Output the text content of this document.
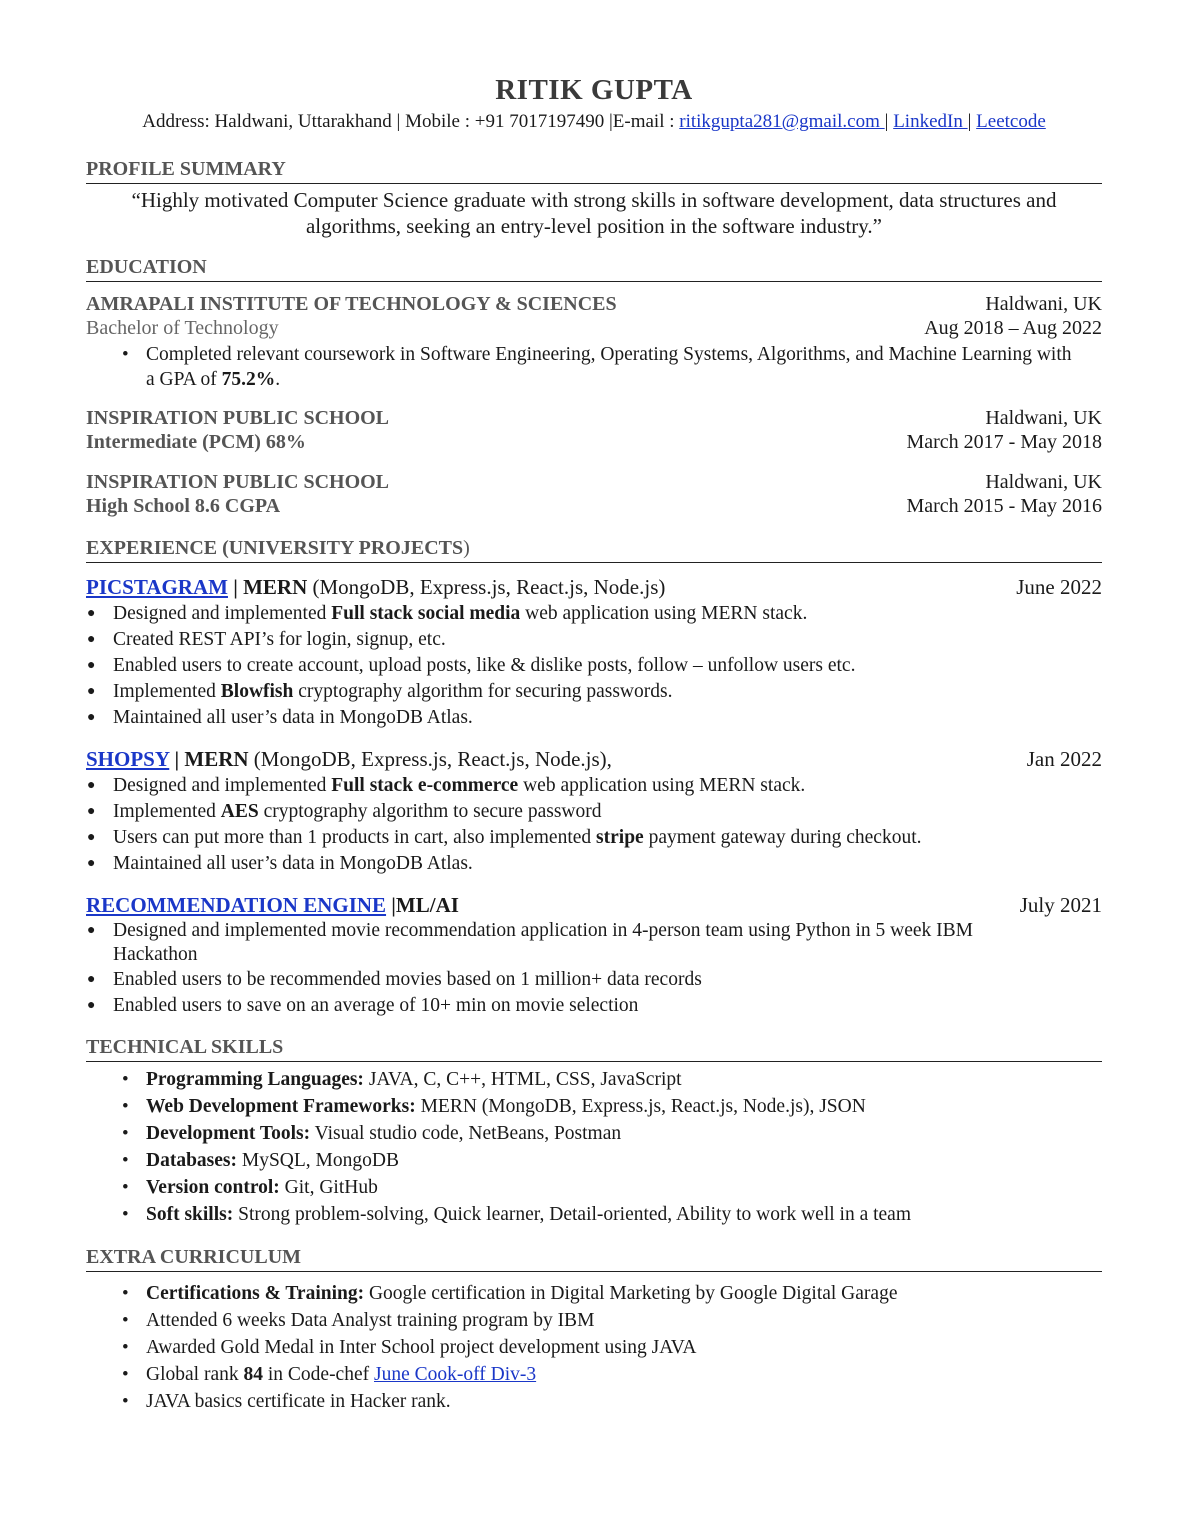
RITIK GUPTA
Address: Haldwani, Uttarakhand | Mobile : +91 7017197490 |E-mail : ritikgupta281@gmail.com | LinkedIn | Leetcode
PROFILE SUMMARY
“Highly motivated Computer Science graduate with strong skills in software development, data structures and algorithms, seeking an entry-level position in the software industry.”
EDUCATION
AMRAPALI INSTITUTE OF TECHNOLOGY & SCIENCES	Haldwani, UK
Bachelor of Technology	Aug 2018 – Aug 2022
• Completed relevant coursework in Software Engineering, Operating Systems, Algorithms, and Machine Learning with a GPA of 75.2%.
INSPIRATION PUBLIC SCHOOL	Haldwani, UK
Intermediate (PCM) 68%	March 2017 - May 2018
INSPIRATION PUBLIC SCHOOL	Haldwani, UK
High School 8.6 CGPA	March 2015 - May 2016
EXPERIENCE (UNIVERSITY PROJECTS)
PICSTAGRAM | MERN (MongoDB, Express.js, React.js, Node.js)	June 2022
● Designed and implemented Full stack social media web application using MERN stack.
● Created REST API’s for login, signup, etc.
● Enabled users to create account, upload posts, like & dislike posts, follow – unfollow users etc.
● Implemented Blowfish cryptography algorithm for securing passwords.
● Maintained all user’s data in MongoDB Atlas.
SHOPSY | MERN (MongoDB, Express.js, React.js, Node.js),	Jan 2022
● Designed and implemented Full stack e-commerce web application using MERN stack.
● Implemented AES cryptography algorithm to secure password
● Users can put more than 1 products in cart, also implemented stripe payment gateway during checkout.
● Maintained all user’s data in MongoDB Atlas.
RECOMMENDATION ENGINE |ML/AI	July 2021
● Designed and implemented movie recommendation application in 4-person team using Python in 5 week IBM Hackathon
● Enabled users to be recommended movies based on 1 million+ data records
● Enabled users to save on an average of 10+ min on movie selection
TECHNICAL SKILLS
• Programming Languages: JAVA, C, C++, HTML, CSS, JavaScript
• Web Development Frameworks: MERN (MongoDB, Express.js, React.js, Node.js), JSON
• Development Tools: Visual studio code, NetBeans, Postman
• Databases: MySQL, MongoDB
• Version control: Git, GitHub
• Soft skills: Strong problem-solving, Quick learner, Detail-oriented, Ability to work well in a team
EXTRA CURRICULUM
• Certifications & Training: Google certification in Digital Marketing by Google Digital Garage
• Attended 6 weeks Data Analyst training program by IBM
• Awarded Gold Medal in Inter School project development using JAVA
• Global rank 84 in Code-chef June Cook-off Div-3
• JAVA basics certificate in Hacker rank.
